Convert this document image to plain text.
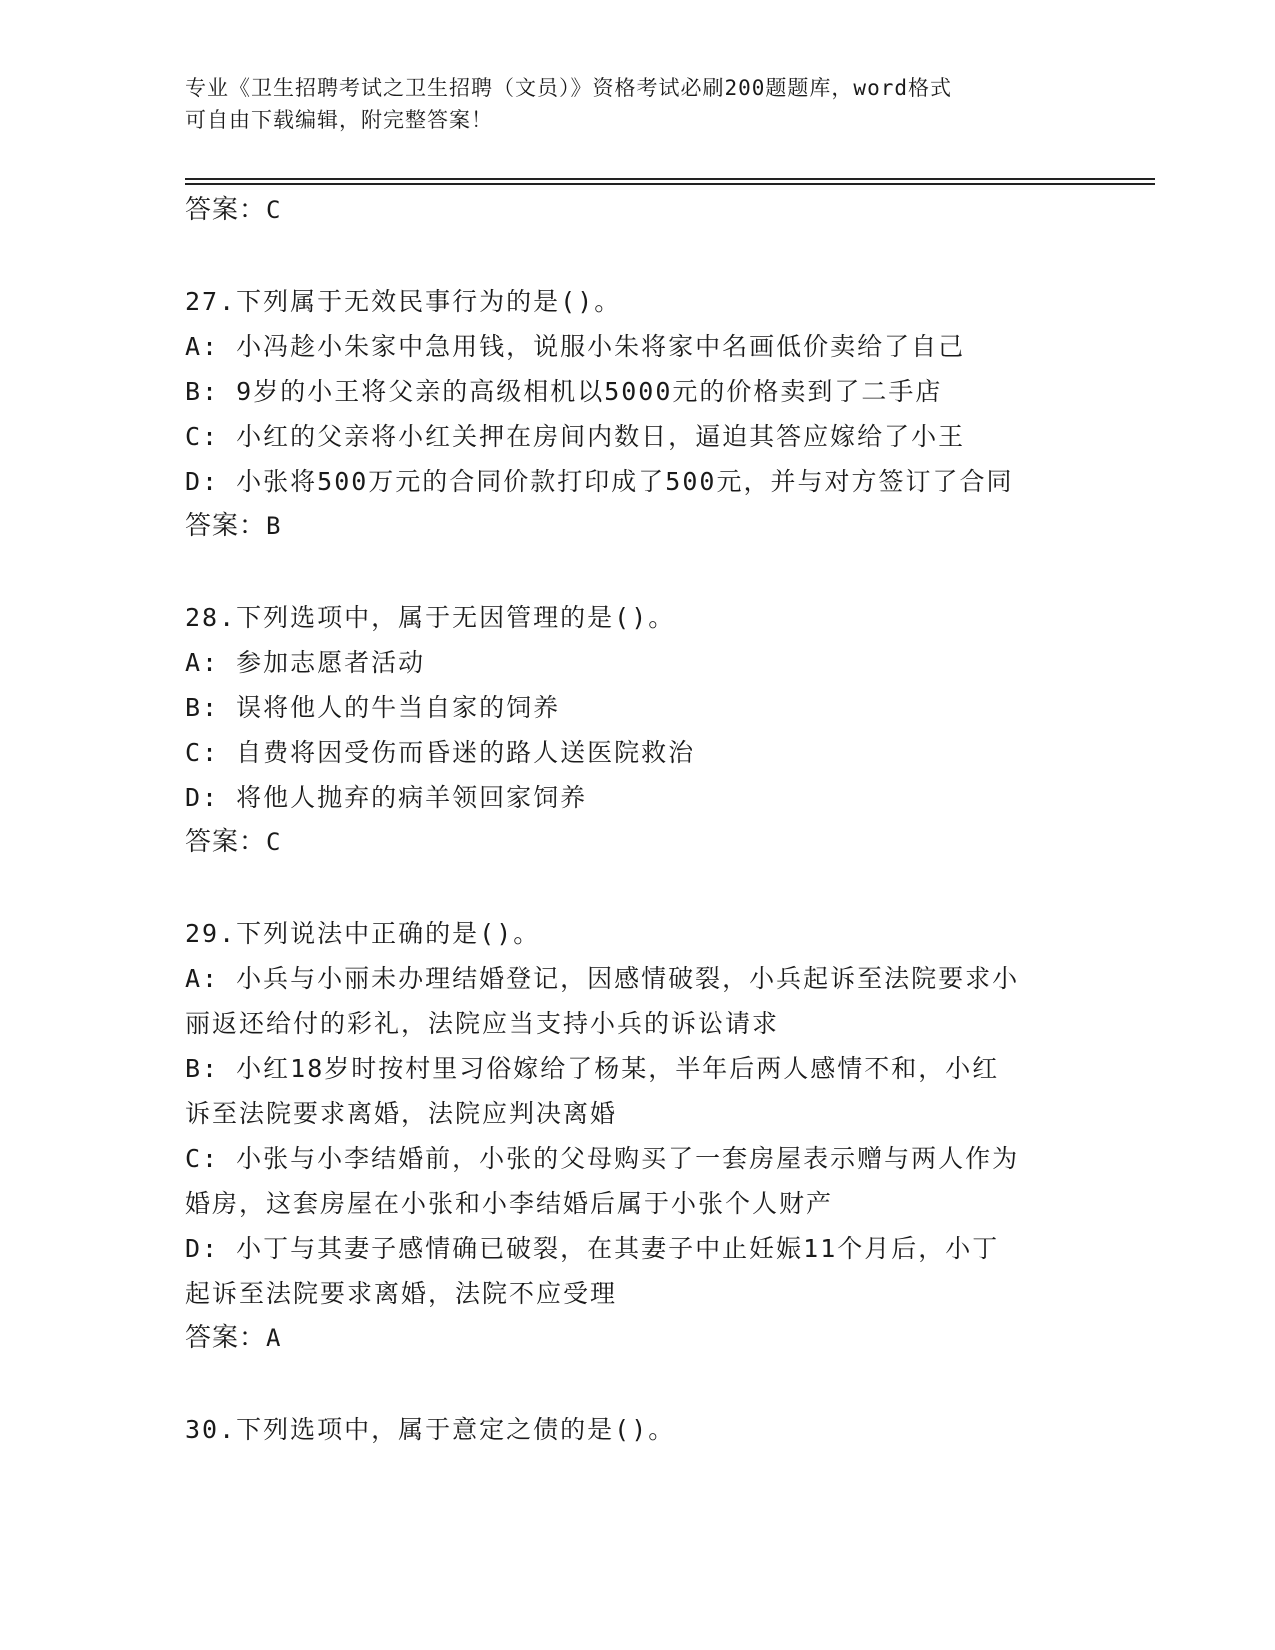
专业《卫生招聘考试之卫生招聘（文员）》资格考试必刷200题题库，word格式
可自由下载编辑，附完整答案！
答案：C
27.下列属于无效民事行为的是()。
A: 小冯趁小朱家中急用钱，说服小朱将家中名画低价卖给了自己
B: 9岁的小王将父亲的高级相机以5000元的价格卖到了二手店
C: 小红的父亲将小红关押在房间内数日，逼迫其答应嫁给了小王
D: 小张将500万元的合同价款打印成了500元，并与对方签订了合同
答案：B
28.下列选项中，属于无因管理的是()。
A: 参加志愿者活动
B: 误将他人的牛当自家的饲养
C: 自费将因受伤而昏迷的路人送医院救治
D: 将他人抛弃的病羊领回家饲养
答案：C
29.下列说法中正确的是()。
A: 小兵与小丽未办理结婚登记，因感情破裂，小兵起诉至法院要求小
丽返还给付的彩礼，法院应当支持小兵的诉讼请求
B: 小红18岁时按村里习俗嫁给了杨某，半年后两人感情不和，小红
诉至法院要求离婚，法院应判决离婚
C: 小张与小李结婚前，小张的父母购买了一套房屋表示赠与两人作为
婚房，这套房屋在小张和小李结婚后属于小张个人财产
D: 小丁与其妻子感情确已破裂，在其妻子中止妊娠11个月后，小丁
起诉至法院要求离婚，法院不应受理
答案：A
30.下列选项中，属于意定之债的是()。
